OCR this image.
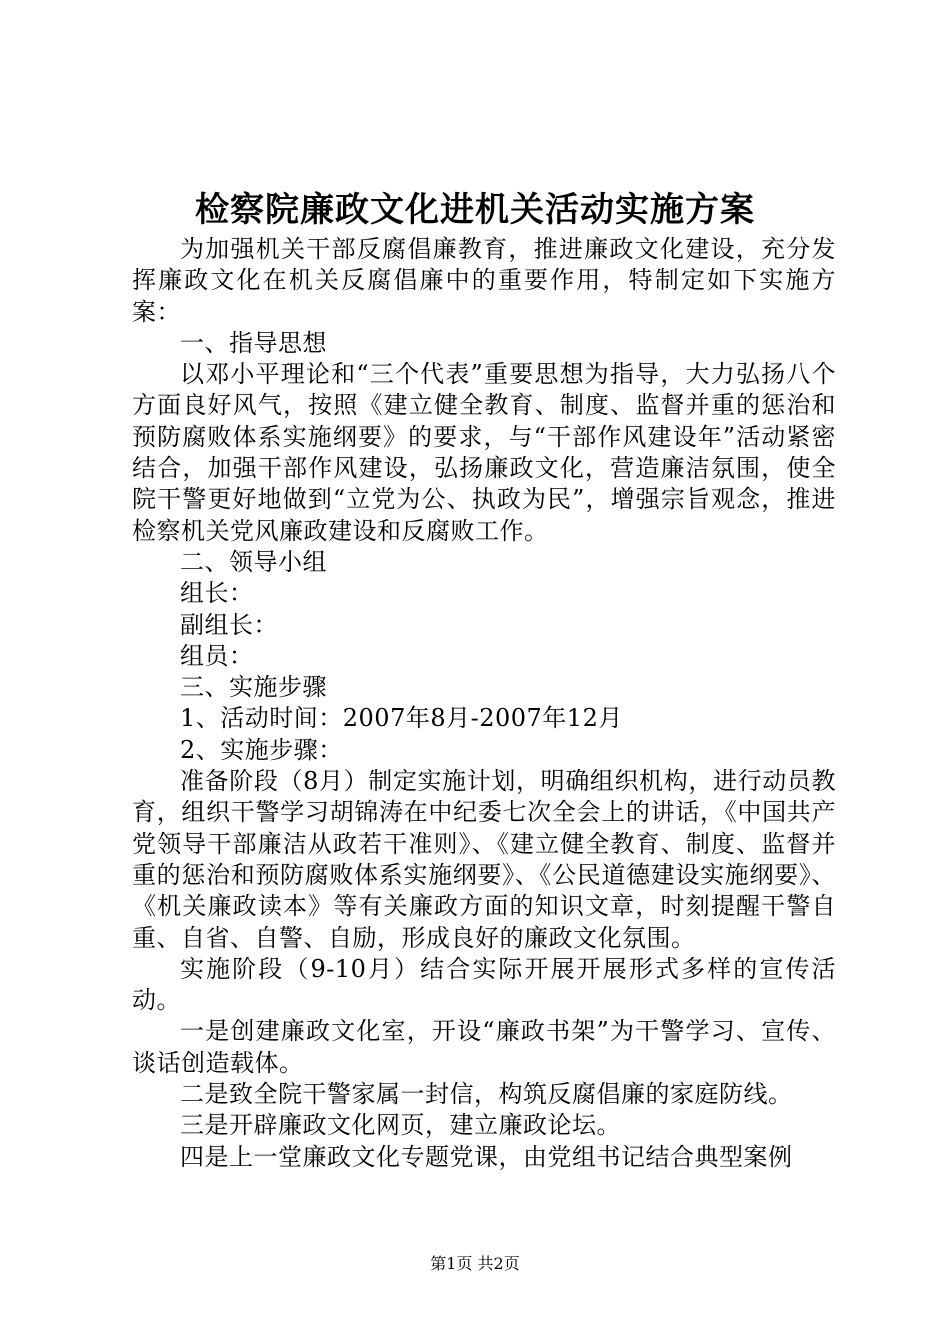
检察院廉政文化进机关活动实施方案

为加强机关干部反腐倡廉教育，推进廉政文化建设，充分发挥廉政文化在机关反腐倡廉中的重要作用，特制定如下实施方案：

一、指导思想

以邓小平理论和“三个代表”重要思想为指导，大力弘扬八个方面良好风气，按照《建立健全教育、制度、监督并重的惩治和预防腐败体系实施纲要》的要求，与“干部作风建设年”活动紧密结合，加强干部作风建设，弘扬廉政文化，营造廉洁氛围，使全院干警更好地做到“立党为公、执政为民”，增强宗旨观念，推进检察机关党风廉政建设和反腐败工作。

二、领导小组

组长：

副组长：

组员：

三、实施步骤

1、活动时间：2007年8月-2007年12月

2、实施步骤：

准备阶段（8月）制定实施计划，明确组织机构，进行动员教育，组织干警学习胡锦涛在中纪委七次全会上的讲话，《中国共产党领导干部廉洁从政若干准则》、《建立健全教育、制度、监督并重的惩治和预防腐败体系实施纲要》、《公民道德建设实施纲要》、《机关廉政读本》等有关廉政方面的知识文章，时刻提醒干警自重、自省、自警、自励，形成良好的廉政文化氛围。

实施阶段（9-10月）结合实际开展开展形式多样的宣传活动。

一是创建廉政文化室，开设“廉政书架”为干警学习、宣传、谈话创造载体。

二是致全院干警家属一封信，构筑反腐倡廉的家庭防线。

三是开辟廉政文化网页，建立廉政论坛。

四是上一堂廉政文化专题党课，由党组书记结合典型案例

第1页 共2页
